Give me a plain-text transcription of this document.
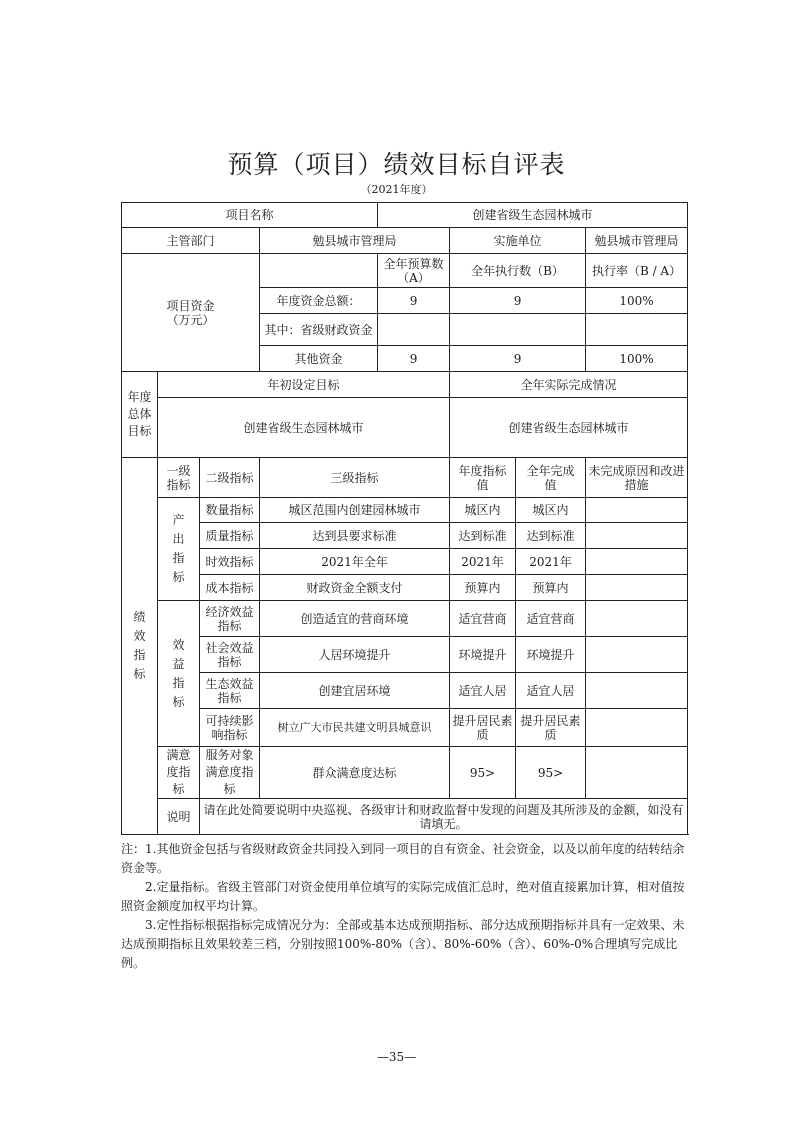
预算（项目）绩效目标自评表
（2021年度）
项目名称				创建省级生态园林城市			
主管部门			勉县城市管理局		实施单位		勉县城市管理局
项目资金（万元）				全年预算数（A）	全年执行数（B）		执行率（B / A）
			年度资金总额：	9	9		100%
			其中：省级财政资金				
			其他资金	9	9		100%
年度总体目标	年初设定目标				全年实际完成情况		
	创建省级生态园林城市				创建省级生态园林城市		
绩效指标	一级指标	二级指标	三级指标		年度指标值	全年完成值	未完成原因和改进措施
	产出指标	数量指标	城区范围内创建园林城市		城区内	城区内	
		质量指标	达到县要求标准		达到标准	达到标准	
		时效指标	2021年全年		2021年	2021年	
		成本指标	财政资金全额支付		预算内	预算内	
	效益指标	经济效益指标	创造适宜的营商环境		适宜营商	适宜营商	
		社会效益指标	人居环境提升		环境提升	环境提升	
		生态效益指标	创建宜居环境		适宜人居	适宜人居	
		可持续影响指标	树立广大市民共建文明县城意识		提升居民素质	提升居民素质	
	满意度指标	服务对象满意度指标	群众满意度达标		95>	95>	
	说明	请在此处简要说明中央巡视、各级审计和财政监督中发现的问题及其所涉及的金额，如没有请填无。					

注：1.其他资金包括与省级财政资金共同投入到同一项目的自有资金、社会资金，以及以前年度的结转结余资金等。

2.定量指标。省级主管部门对资金使用单位填写的实际完成值汇总时，绝对值直接累加计算，相对值按照资金额度加权平均计算。

3.定性指标根据指标完成情况分为：全部或基本达成预期指标、部分达成预期指标并具有一定效果、未达成预期指标且效果较差三档，分别按照100%-80%（含）、80%-60%（含）、60%-0%合理填写完成比例。

—35—
